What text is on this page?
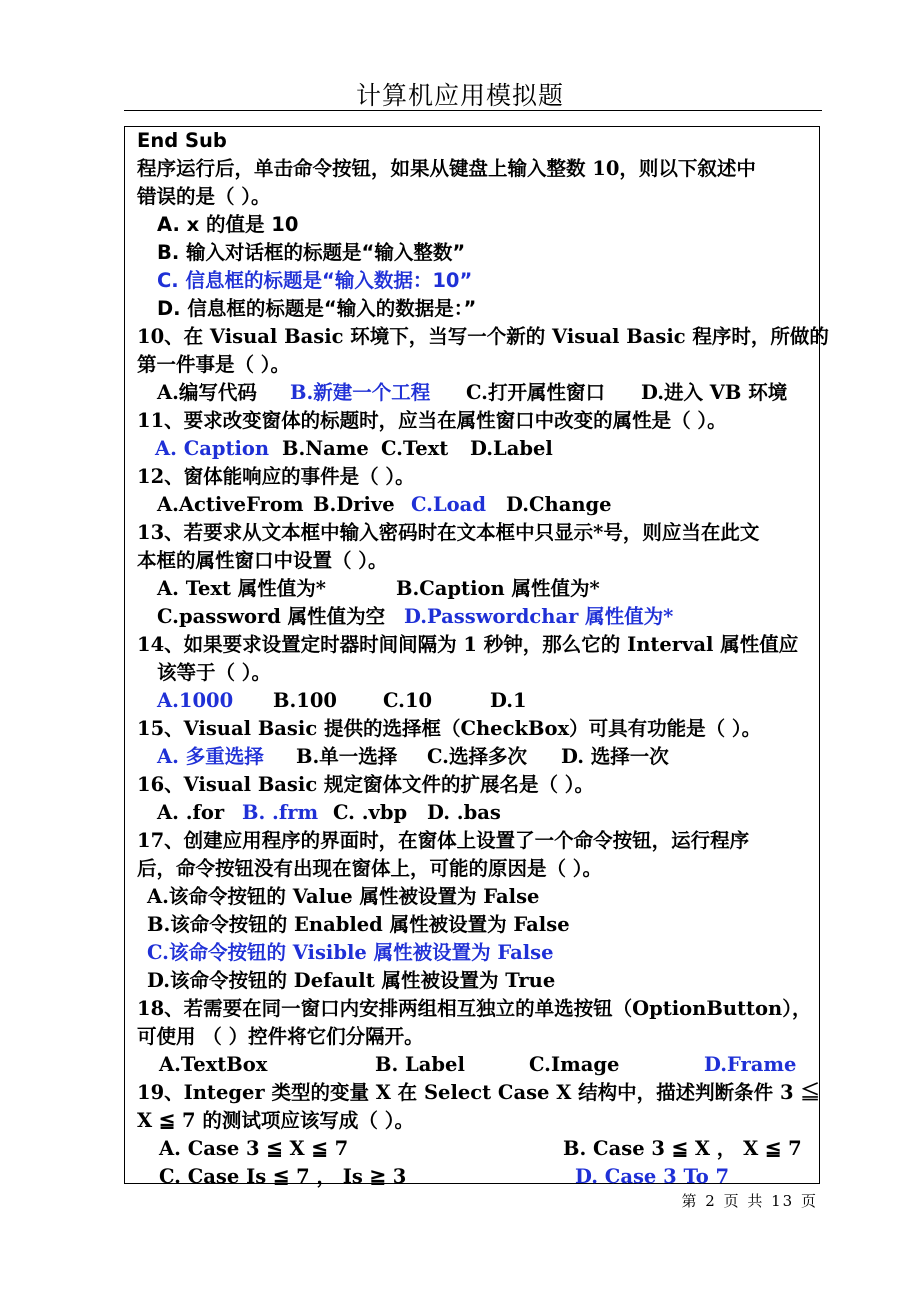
计算机应用模拟题
End Sub
程序运行后，单击命令按钮，如果从键盘上输入整数 10，则以下叙述中
错误的是（ ）。
A. x 的值是 10
B. 输入对话框的标题是“输入整数”
C. 信息框的标题是“输入数据：10”
D. 信息框的标题是“输入的数据是：”
10、在 Visual Basic 环境下，当写一个新的 Visual Basic 程序时，所做的
第一件事是（ ）。
A.编写代码 B.新建一个工程 C.打开属性窗口 D.进入 VB 环境
11、要求改变窗体的标题时，应当在属性窗口中改变的属性是（ ）。
A. Caption B.Name C.Text D.Label
12、窗体能响应的事件是（ ）。
A.ActiveFrom B.Drive C.Load D.Change
13、若要求从文本框中输入密码时在文本框中只显示*号，则应当在此文
本框的属性窗口中设置（ ）。
A. Text 属性值为*	B.Caption 属性值为*
C.password 属性值为空 D.Passwordchar 属性值为*
14、如果要求设置定时器时间间隔为 1 秒钟，那么它的 Interval 属性值应
该等于（ ）。
A.1000 B.100 C.10	D.1
15、Visual Basic 提供的选择框（CheckBox）可具有功能是（ ）。
A. 多重选择 B.单一选择 C.选择多次 D. 选择一次
16、Visual Basic 规定窗体文件的扩展名是（ ）。
A. .for B. .frm C. .vbp D. .bas
17、创建应用程序的界面时，在窗体上设置了一个命令按钮，运行程序
后，命令按钮没有出现在窗体上，可能的原因是（ ）。
A.该命令按钮的 Value 属性被设置为 False
B.该命令按钮的 Enabled 属性被设置为 False
C.该命令按钮的 Visible 属性被设置为 False
D.该命令按钮的 Default 属性被设置为 True
18、若需要在同一窗口内安排两组相互独立的单选按钮（OptionButton），
可使用 （ ）控件将它们分隔开。
A.TextBox	B. Label	C.Image	D.Frame
19、Integer 类型的变量 X 在 Select Case X 结构中，描述判断条件 3 ≦
X ≦ 7 的测试项应该写成（ ）。
A. Case 3 ≦ X ≦ 7	B. Case 3 ≦ X ， X ≦ 7
C. Case Is ≦ 7 ， Is ≧ 3	D. Case 3 To 7
第 2 页 共 13 页
